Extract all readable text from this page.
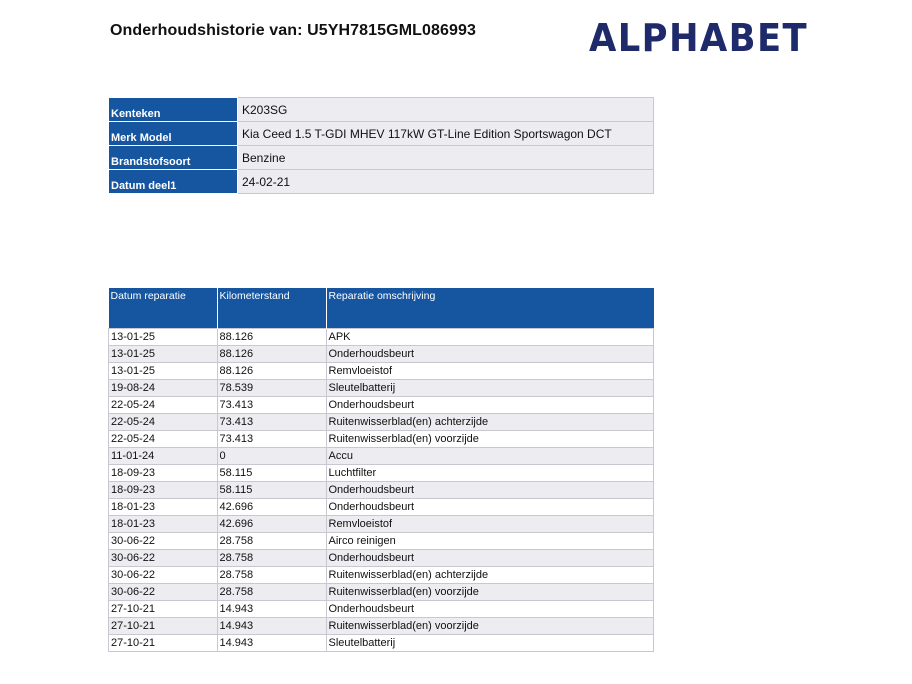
Onderhoudshistorie van: U5YH7815GML086993	ALPHABET
Kenteken	K203SG
Merk Model	Kia Ceed 1.5 T-GDI MHEV 117kW GT-Line Edition Sportswagon DCT
Brandstofsoort	Benzine
Datum deel1	24-02-21
Datum reparatie	Kilometerstand	Reparatie omschrijving
13-01-25	88.126	APK
13-01-25	88.126	Onderhoudsbeurt
13-01-25	88.126	Remvloeistof
19-08-24	78.539	Sleutelbatterij
22-05-24	73.413	Onderhoudsbeurt
22-05-24	73.413	Ruitenwisserblad(en) achterzijde
22-05-24	73.413	Ruitenwisserblad(en) voorzijde
11-01-24	0	Accu
18-09-23	58.115	Luchtfilter
18-09-23	58.115	Onderhoudsbeurt
18-01-23	42.696	Onderhoudsbeurt
18-01-23	42.696	Remvloeistof
30-06-22	28.758	Airco reinigen
30-06-22	28.758	Onderhoudsbeurt
30-06-22	28.758	Ruitenwisserblad(en) achterzijde
30-06-22	28.758	Ruitenwisserblad(en) voorzijde
27-10-21	14.943	Onderhoudsbeurt
27-10-21	14.943	Ruitenwisserblad(en) voorzijde
27-10-21	14.943	Sleutelbatterij
